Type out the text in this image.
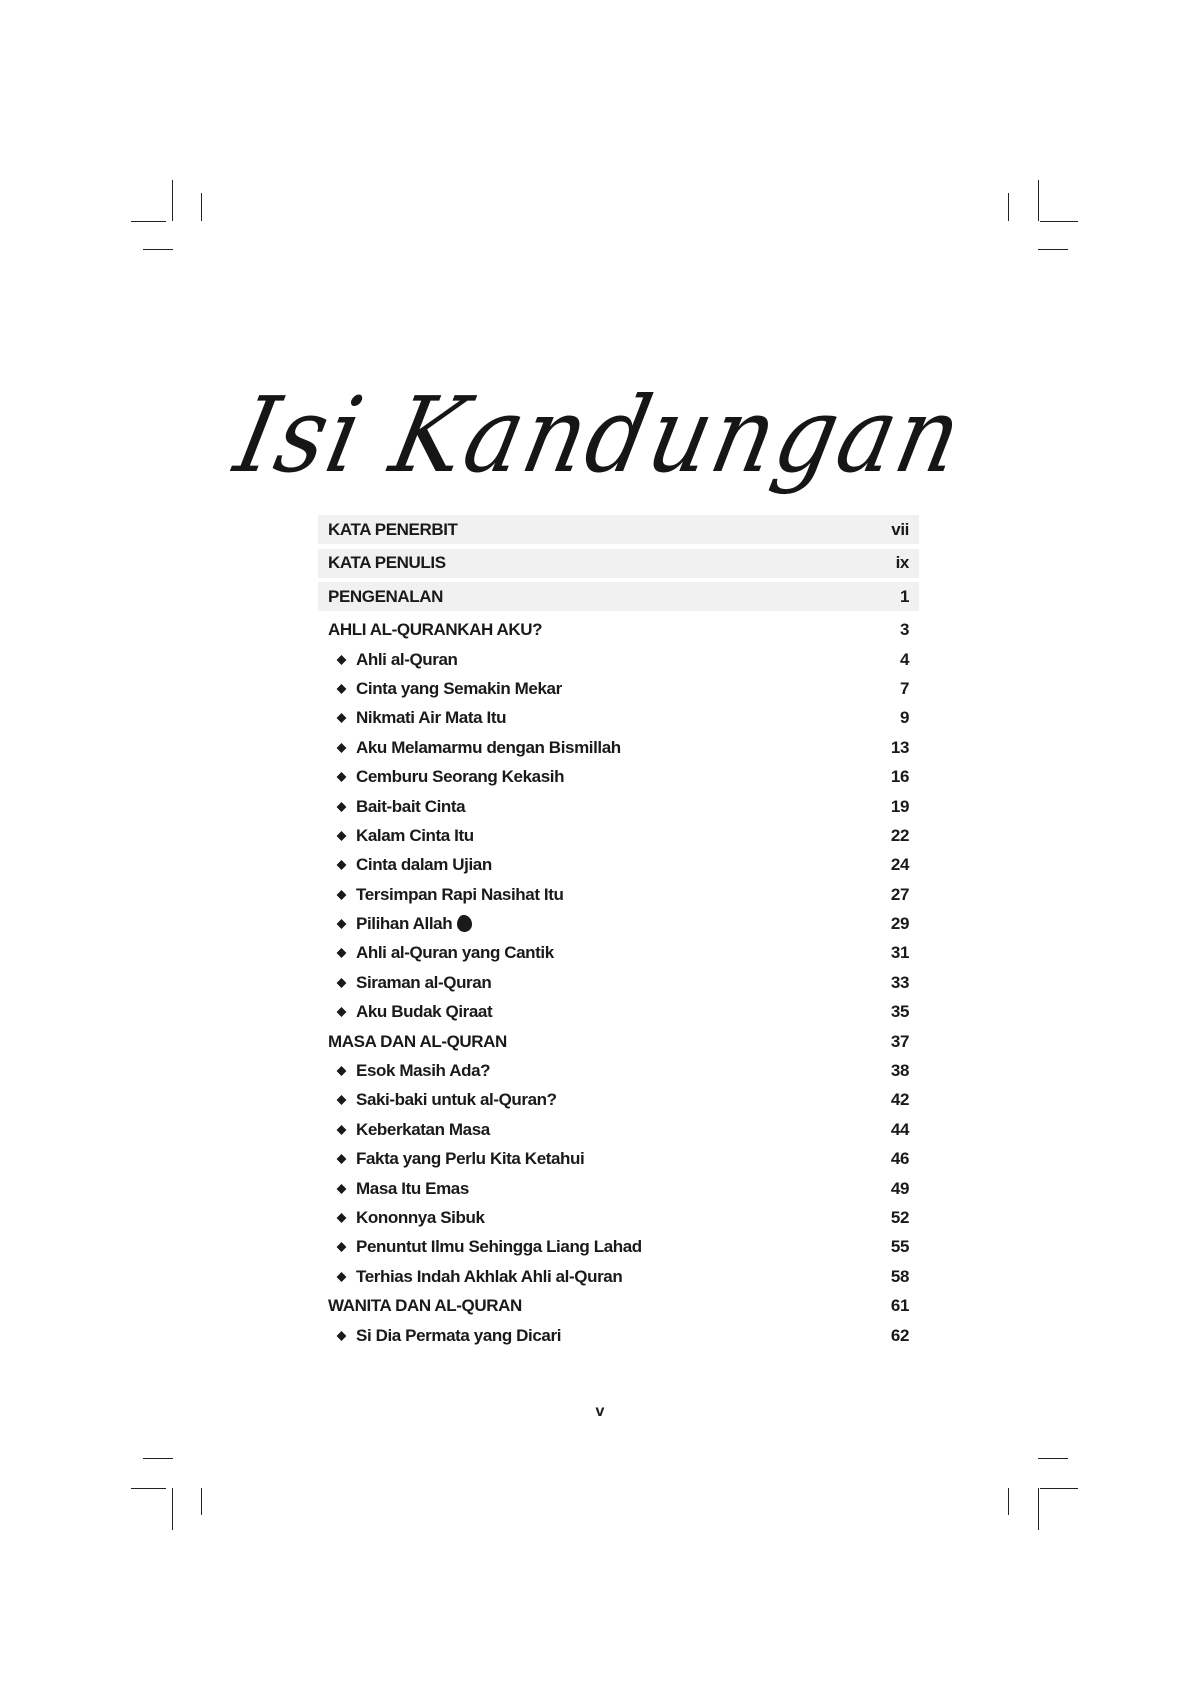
Isi Kandungan
KATA PENERBIT	vii
KATA PENULIS	ix
PENGENALAN	1
AHLI AL-QURANKAH AKU?	3
Ahli al-Quran	4
Cinta yang Semakin Mekar	7
Nikmati Air Mata Itu	9
Aku Melamarmu dengan Bismillah	13
Cemburu Seorang Kekasih	16
Bait-bait Cinta	19
Kalam Cinta Itu	22
Cinta dalam Ujian	24
Tersimpan Rapi Nasihat Itu	27
Pilihan Allah	29
Ahli al-Quran yang Cantik	31
Siraman al-Quran	33
Aku Budak Qiraat	35
MASA DAN AL-QURAN	37
Esok Masih Ada?	38
Saki-baki untuk al-Quran?	42
Keberkatan Masa	44
Fakta yang Perlu Kita Ketahui	46
Masa Itu Emas	49
Kononnya Sibuk	52
Penuntut Ilmu Sehingga Liang Lahad	55
Terhias Indah Akhlak Ahli al-Quran	58
WANITA DAN AL-QURAN	61
Si Dia Permata yang Dicari	62
v
